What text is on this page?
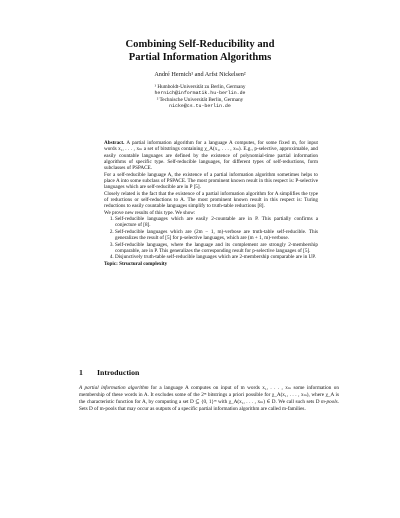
Combining Self-Reducibility and
Partial Information Algorithms
André Hernich¹ and Arfst Nickelsen²
¹ Humboldt-Universität zu Berlin, Germany
hernich@informatik.hu-berlin.de
² Technische Universität Berlin, Germany
nicke@cs.tu-berlin.de

Abstract. A partial information algorithm for a language A computes, for some fixed m, for input words x₁, . . . , xₘ a set of bitstrings containing χ_A(x₁, . . . , xₘ). E.g., p-selective, approximable, and easily countable languages are defined by the existence of polynomial-time partial information algorithms of specific type. Self-reducible languages, for different types of self-reductions, form subclasses of PSPACE.

For a self-reducible language A, the existence of a partial information algorithm sometimes helps to place A into some subclass of PSPACE. The most prominent known result in this respect is: P-selective languages which are self-reducible are in P [5].

Closely related is the fact that the existence of a partial information algorithm for A simplifies the type of reductions or self-reductions to A. The most prominent known result in this respect is: Turing reductions to easily countable languages simplify to truth-table reductions [8].

We prove new results of this type. We show:

1. Self-reducible languages which are easily 2-countable are in P. This partially confirms a conjecture of [8].
2. Self-reducible languages which are (2m − 1, m)-verbose are truth-table self-reducible. This generalizes the result of [5] for p-selective languages, which are (m + 1, m)-verbose.
3. Self-reducible languages, where the language and its complement are strongly 2-membership comparable, are in P. This generalizes the corresponding result for p-selective languages of [5].
4. Disjunctively truth-table self-reducible languages which are 2-membership comparable are in UP.

Topic: Structural complexity

1 Introduction

A partial information algorithm for a language A computes on input of m words x₁, . . . , xₘ some information on membership of these words in A. It excludes some of the 2ᵐ bitstrings a priori possible for χ_A(x₁, . . . , xₘ), where χ_A is the characteristic function for A, by computing a set D ⊆ {0, 1}ᵐ with χ_A(x₁, . . . , xₘ) ∈ D. We call such sets D m-pools. Sets D of m-pools that may occur as outputs of a specific partial information algorithm are called m-families.
